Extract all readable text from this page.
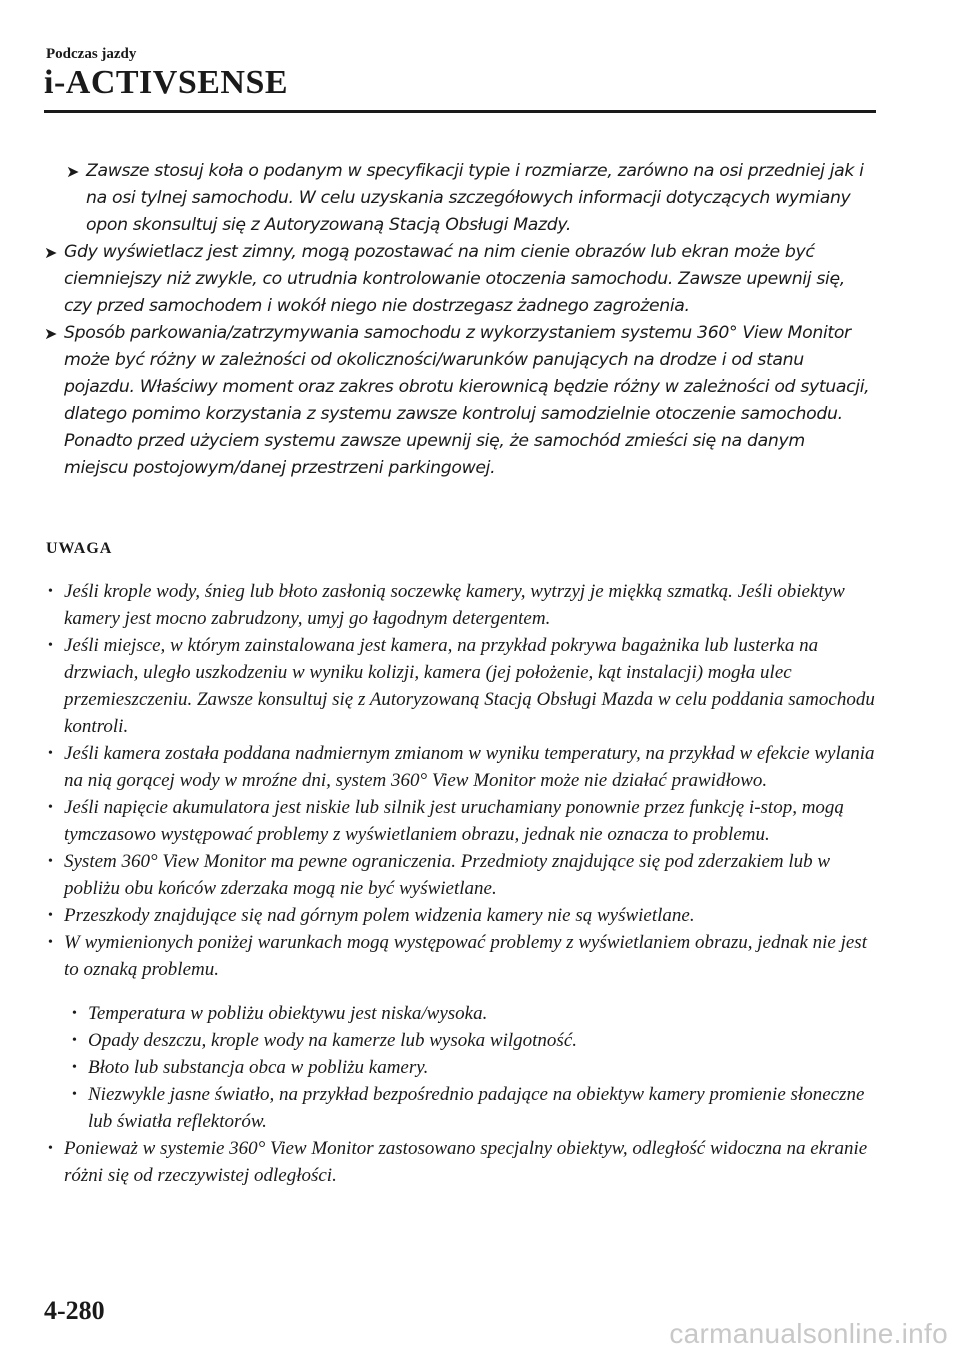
Podczas jazdy
i-ACTIVSENSE
➤ Zawsze stosuj koła o podanym w specyfikacji typie i rozmiarze, zarówno na osi przedniej jak i na osi tylnej samochodu. W celu uzyskania szczegółowych informacji dotyczących wymiany opon skonsultuj się z Autoryzowaną Stacją Obsługi Mazdy.

➤ Gdy wyświetlacz jest zimny, mogą pozostawać na nim cienie obrazów lub ekran może być ciemniejszy niż zwykle, co utrudnia kontrolowanie otoczenia samochodu. Zawsze upewnij się, czy przed samochodem i wokół niego nie dostrzegasz żadnego zagrożenia.

➤ Sposób parkowania/zatrzymywania samochodu z wykorzystaniem systemu 360° View Monitor może być różny w zależności od okoliczności/warunków panujących na drodze i od stanu pojazdu. Właściwy moment oraz zakres obrotu kierownicą będzie różny w zależności od sytuacji, dlatego pomimo korzystania z systemu zawsze kontroluj samodzielnie otoczenie samochodu.

Ponadto przed użyciem systemu zawsze upewnij się, że samochód zmieści się na danym miejscu postojowym/danej przestrzeni parkingowej.

UWAGA
• Jeśli krople wody, śnieg lub błoto zasłonią soczewkę kamery, wytrzyj je miękką szmatką. Jeśli obiektyw kamery jest mocno zabrudzony, umyj go łagodnym detergentem.
• Jeśli miejsce, w którym zainstalowana jest kamera, na przykład pokrywa bagażnika lub lusterka na drzwiach, uległo uszkodzeniu w wyniku kolizji, kamera (jej położenie, kąt instalacji) mogła ulec przemieszczeniu. Zawsze konsultuj się z Autoryzowaną Stacją Obsługi Mazda w celu poddania samochodu kontroli.
• Jeśli kamera została poddana nadmiernym zmianom w wyniku temperatury, na przykład w efekcie wylania na nią gorącej wody w mroźne dni, system 360° View Monitor może nie działać prawidłowo.
• Jeśli napięcie akumulatora jest niskie lub silnik jest uruchamiany ponownie przez funkcję i-stop, mogą tymczasowo występować problemy z wyświetlaniem obrazu, jednak nie oznacza to problemu.
• System 360° View Monitor ma pewne ograniczenia. Przedmioty znajdujące się pod zderzakiem lub w pobliżu obu końców zderzaka mogą nie być wyświetlane.
• Przeszkody znajdujące się nad górnym polem widzenia kamery nie są wyświetlane.
• W wymienionych poniżej warunkach mogą występować problemy z wyświetlaniem obrazu, jednak nie jest to oznaką problemu.
• Temperatura w pobliżu obiektywu jest niska/wysoka.
• Opady deszczu, krople wody na kamerze lub wysoka wilgotność.
• Błoto lub substancja obca w pobliżu kamery.
• Niezwykle jasne światło, na przykład bezpośrednio padające na obiektyw kamery promienie słoneczne lub światła reflektorów.
• Ponieważ w systemie 360° View Monitor zastosowano specjalny obiektyw, odległość widoczna na ekranie różni się od rzeczywistej odległości.
4-280
carmanualsonline.info
